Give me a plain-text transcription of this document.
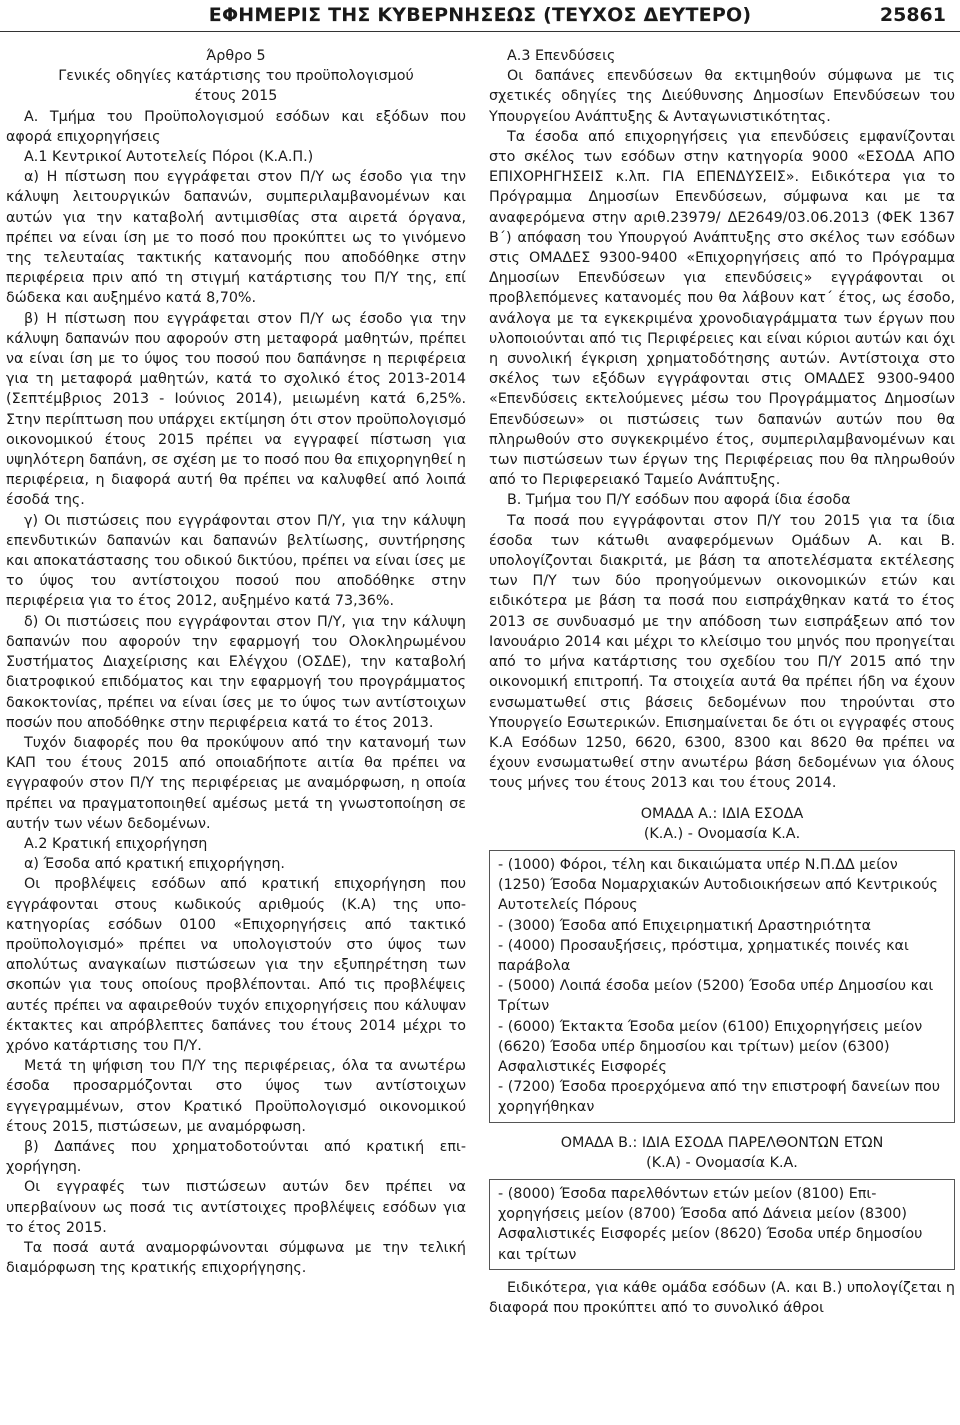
ΕΦΗΜΕΡΙΣ ΤΗΣ ΚΥΒΕΡΝΗΣΕΩΣ (ΤΕΥΧΟΣ ΔΕΥΤΕΡΟ)	25861

Άρθρο 5

Γενικές οδηγίες κατάρτισης του προϋπολογισμού

έτους 2015

Α. Τμήμα του Προϋπολογισμού εσόδων και εξόδων που αφορά επιχορηγήσεις

Α.1 Κεντρικοί Αυτοτελείς Πόροι (Κ.Α.Π.)

α) Η πίστωση που εγγράφεται στον Π/Υ ως έσοδο για την κάλυψη λειτουργικών δαπανών, συμπεριλαμβανομένων και αυτών για την καταβολή αντιμισθίας στα αιρετά όργανα, πρέπει να είναι ίση με το ποσό που προκύπτει ως το γινόμενο της τελευταίας τακτικής κατανομής που αποδόθηκε στην περιφέρεια πριν από τη στιγμή κατάρτισης του Π/Υ της, επί δώδεκα και αυξημένο κατά 8,70%.

β) Η πίστωση που εγγράφεται στον Π/Υ ως έσοδο για την κάλυψη δαπανών που αφορούν στη μεταφορά μαθητών, πρέπει να είναι ίση με το ύψος του ποσού που δαπάνησε η περιφέρεια για τη μεταφορά μαθητών, κατά το σχολικό έτος 2013-2014 (Σεπτέμβριος 2013 - Ιούνιος 2014), μειωμένη κατά 6,25%. Στην περίπτωση που υπάρχει εκτίμηση ότι στον προϋπολογισμό οικονομικού έτους 2015 πρέπει να εγγραφεί πίστωση για υψηλότερη δαπάνη, σε σχέση με το ποσό που θα επιχορηγηθεί η περιφέρεια, η διαφορά αυτή θα πρέπει να καλυφθεί από λοιπά έσοδά της.

γ) Οι πιστώσεις που εγγράφονται στον Π/Υ, για την κάλυψη επενδυτικών δαπανών και δαπανών βελτίωσης, συντήρησης και αποκατάστασης του οδικού δικτύου, πρέπει να είναι ίσες με το ύψος του αντίστοιχου ποσού που αποδόθηκε στην περιφέρεια για το έτος 2012, αυξημένο κατά 73,36%.

δ) Οι πιστώσεις που εγγράφονται στον Π/Υ, για την κάλυψη δαπανών που αφορούν την εφαρμογή του Ολοκληρωμένου Συστήματος Διαχείρισης και Ελέγχου (ΟΣΔΕ), την καταβολή διατροφικού επιδόματος και την εφαρμογή του προγράμματος δακοκτονίας, πρέπει να είναι ίσες με το ύψος των αντίστοιχων ποσών που αποδόθηκε στην περιφέρεια κατά το έτος 2013.

Τυχόν διαφορές που θα προκύψουν από την κατανομή των ΚΑΠ του έτους 2015 από οποιαδήποτε αιτία θα πρέπει να εγγραφούν στον Π/Υ της περιφέρειας με αναμόρφωση, η οποία πρέπει να πραγματοποιηθεί αμέσως μετά τη γνωστοποίηση σε αυτήν των νέων δεδομένων.

Α.2 Κρατική επιχορήγηση

α) Έσοδα από κρατική επιχορήγηση.

Οι προβλέψεις εσόδων από κρατική επιχορήγηση που εγγράφονται στους κωδικούς αριθμούς (Κ.Α) της υποκατηγορίας εσόδων 0100 «Επιχορηγήσεις από τακτικό προϋπολογισμό» πρέπει να υπολογιστούν στο ύψος των απολύτως αναγκαίων πιστώσεων για την εξυπηρέτηση των σκοπών για τους οποίους προβλέπονται. Από τις προβλέψεις αυτές πρέπει να αφαιρεθούν τυχόν επιχορηγήσεις που κάλυψαν έκτακτες και απρόβλεπτες δαπάνες του έτους 2014 μέχρι το χρόνο κατάρτισης του Π/Υ.

Μετά τη ψήφιση του Π/Υ της περιφέρειας, όλα τα ανωτέρω έσοδα προσαρμόζονται στο ύψος των αντίστοιχων εγγεγραμμένων, στον Κρατικό Προϋπολογισμό οικονομικού έτους 2015, πιστώσεων, με αναμόρφωση.

β) Δαπάνες που χρηματοδοτούνται από κρατική επιχορήγηση.

Οι εγγραφές των πιστώσεων αυτών δεν πρέπει να υπερβαίνουν ως ποσά τις αντίστοιχες προβλέψεις εσόδων για το έτος 2015.

Τα ποσά αυτά αναμορφώνονται σύμφωνα με την τελική διαμόρφωση της κρατικής επιχορήγησης.

Α.3 Επενδύσεις

Οι δαπάνες επενδύσεων θα εκτιμηθούν σύμφωνα με τις σχετικές οδηγίες της Διεύθυνσης Δημοσίων Επενδύσεων του Υπουργείου Ανάπτυξης & Ανταγωνιστικότητας.

Τα έσοδα από επιχορηγήσεις για επενδύσεις εμφανίζονται στο σκέλος των εσόδων στην κατηγορία 9000 «ΕΣΟΔΑ ΑΠΟ ΕΠΙΧΟΡΗΓΗΣΕΙΣ κ.λπ. ΓΙΑ ΕΠΕΝΔΥΣΕΙΣ». Ειδικότερα για το Πρόγραμμα Δημοσίων Επενδύσεων, σύμφωνα και με τα αναφερόμενα στην αριθ.23979/ ΔΕ2649/03.06.2013 (ΦΕΚ 1367 Β΄) απόφαση του Υπουργού Ανάπτυξης στο σκέλος των εσόδων στις ΟΜΑΔΕΣ 9300-9400 «Επιχορηγήσεις από το Πρόγραμμα Δημοσίων Επενδύσεων για επενδύσεις» εγγράφονται οι προβλεπόμενες κατανομές που θα λάβουν κατ΄ έτος, ως έσοδο, ανάλογα με τα εγκεκριμένα χρονοδιαγράμματα των έργων που υλοποιούνται από τις Περιφέρειες και είναι κύριοι αυτών και όχι η συνολική έγκριση χρηματοδότησης αυτών. Αντίστοιχα στο σκέλος των εξόδων εγγράφονται στις ΟΜΑΔΕΣ 9300-9400 «Επενδύσεις εκτελούμενες μέσω του Προγράμματος Δημοσίων Επενδύσεων» οι πιστώσεις των δαπανών αυτών που θα πληρωθούν στο συγκεκριμένο έτος, συμπεριλαμβανομένων και των πιστώσεων των έργων της Περιφέρειας που θα πληρωθούν από το Περιφερειακό Ταμείο Ανάπτυξης.

Β. Τμήμα του Π/Υ εσόδων που αφορά ίδια έσοδα

Τα ποσά που εγγράφονται στον Π/Υ του 2015 για τα ίδια έσοδα των κάτωθι αναφερόμενων Ομάδων Α. και Β. υπολογίζονται διακριτά, με βάση τα αποτελέσματα εκτέλεσης των Π/Υ των δύο προηγούμενων οικονομικών ετών και ειδικότερα με βάση τα ποσά που εισπράχθηκαν κατά το έτος 2013 σε συνδυασμό με την απόδοση των εισπράξεων από τον Ιανουάριο 2014 και μέχρι το κλείσιμο του μηνός που προηγείται από το μήνα κατάρτισης του σχεδίου του Π/Υ 2015 από την οικονομική επιτροπή. Τα στοιχεία αυτά θα πρέπει ήδη να έχουν ενσωματωθεί στις βάσεις δεδομένων που τηρούνται στο Υπουργείο Εσωτερικών. Επισημαίνεται δε ότι οι εγγραφές στους Κ.Α Εσόδων 1250, 6620, 6300, 8300 και 8620 θα πρέπει να έχουν ενσωματωθεί στην ανωτέρω βάση δεδομένων για όλους τους μήνες του έτους 2013 και του έτους 2014.

ΟΜΑΔΑ Α.: ΙΔΙΑ ΕΣΟΔΑ
(Κ.Α.) - Ονομασία Κ.Α.
- (1000) Φόροι, τέλη και δικαιώματα υπέρ Ν.Π.ΔΔ μείον (1250) Έσοδα Νομαρχιακών Αυτοδιοικήσεων από Κεντρικούς Αυτοτελείς Πόρους
- (3000) Έσοδα από Επιχειρηματική Δραστηριότητα
- (4000) Προσαυξήσεις, πρόστιμα, χρηματικές ποινές και παράβολα
- (5000) Λοιπά έσοδα μείον (5200) Έσοδα υπέρ Δημοσίου και Τρίτων
- (6000) Έκτακτα Έσοδα μείον (6100) Επιχορηγήσεις μείον (6620) Έσοδα υπέρ δημοσίου και τρίτων) μείον (6300) Ασφαλιστικές Εισφορές
- (7200) Έσοδα προερχόμενα από την επιστροφή δανείων που χορηγήθηκαν
ΟΜΑΔΑ Β.: ΙΔΙΑ ΕΣΟΔΑ ΠΑΡΕΛΘΟΝΤΩΝ ΕΤΩΝ
(Κ.Α) - Ονομασία Κ.Α.
- (8000) Έσοδα παρελθόντων ετών μείον (8100) Επιχορηγήσεις μείον (8700) Έσοδα από Δάνεια μείον (8300) Ασφαλιστικές Εισφορές μείον (8620) Έσοδα υπέρ δημοσίου και τρίτων

Ειδικότερα, για κάθε ομάδα εσόδων (Α. και Β.) υπολογίζεται η διαφορά που προκύπτει από το συνολικό άθροι
